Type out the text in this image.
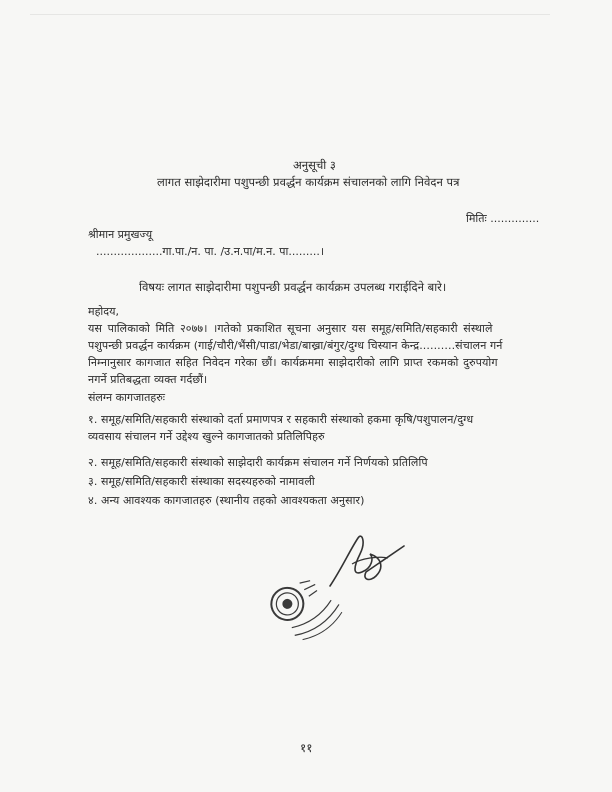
अनुसूची ३
लागत साझेदारीमा पशुपन्छी प्रवर्द्धन कार्यक्रम संचालनको लागि निवेदन पत्र
मितिः ..............
श्रीमान प्रमुखज्यू
...................गा.पा./न. पा. /उ.न.पा/म.न. पा.........।
विषयः लागत साझेदारीमा पशुपन्छी प्रवर्द्धन कार्यक्रम उपलब्ध गराईदिने बारे।
महोदय,
यस पालिकाको मिति २०७७। ।गतेको प्रकाशित सूचना अनुसार यस समूह/समिति/सहकारी संस्थाले
पशुपन्छी प्रवर्द्धन कार्यक्रम (गाई/चौरी/भैंसी/पाडा/भेडा/बाख्रा/बंगुर/दुग्ध चिस्यान केन्द्र..........संचालन गर्न
निम्नानुसार कागजात सहित निवेदन गरेका छौं। कार्यक्रममा साझेदारीको लागि प्राप्त रकमको दुरुपयोग
नगर्ने प्रतिबद्धता व्यक्त गर्दछौं।
संलग्न कागजातहरुः
१. समूह/समिति/सहकारी संस्थाको दर्ता प्रमाणपत्र र सहकारी संस्थाको हकमा कृषि/पशुपालन/दुग्ध
व्यवसाय संचालन गर्ने उद्देश्य खुल्ने कागजातको प्रतिलिपिहरु
२. समूह/समिति/सहकारी संस्थाको साझेदारी कार्यक्रम संचालन गर्ने निर्णयको प्रतिलिपि
३. समूह/समिति/सहकारी संस्थाका सदस्यहरुको नामावली
४. अन्य आवश्यक कागजातहरु (स्थानीय तहको आवश्यकता अनुसार)
११
